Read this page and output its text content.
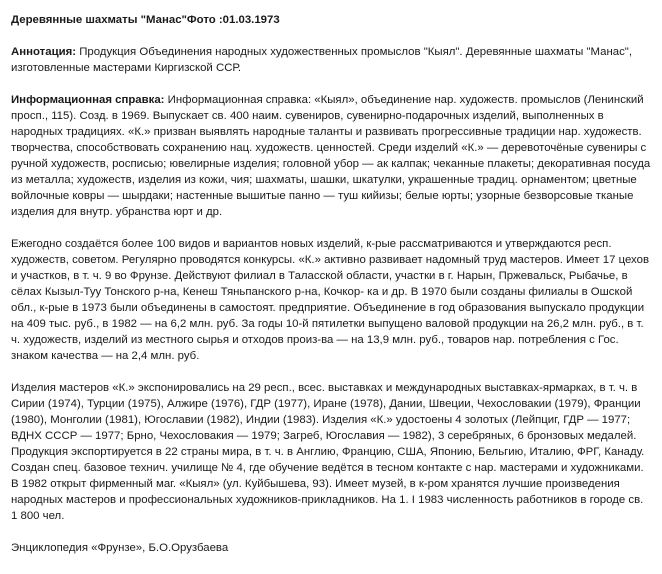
Деревянные шахматы "Манас"Фото :01.03.1973
Аннотация: Продукция Объединения народных художественных промыслов "Кыял". Деревянные шахматы "Манас", изготовленные мастерами Киргизской ССР.
Информационная справка: Информационная справка: «Кыял», объединение нар. художеств. промыслов (Ленинский просп., 115). Созд. в 1969. Выпускает св. 400 наим. сувениров, сувенирно-подарочных изделий, выполненных в народных традициях. «К.» призван выявлять народные таланты и развивать прогрессивные традиции нар. художеств. творчества, способствовать сохранению нац. художеств. ценностей. Среди изделий «К.» — деревоточёные сувениры с ручной художеств, росписью; ювелирные изделия; головной убор — ак калпак; чеканные плакеты; декоративная посуда из металла; художеств, изделия из кожи, чия; шахматы, шашки, шкатулки, украшенные традиц. орнаментом; цветные войлочные ковры — шырдаки; настенные вышитые панно — туш кийизы; белые юрты; узорные безворсовые тканые изделия для внутр. убранства юрт и др.
Ежегодно создаётся более 100 видов и вариантов новых изделий, к-рые рассматриваются и утверждаются респ. художеств, советом. Регулярно проводятся конкурсы. «К.» активно развивает надомный труд мастеров. Имеет 17 цехов и участков, в т. ч. 9 во Фрунзе. Действуют филиал в Таласской области, участки в г. Нарын, Пржевальск, Рыбачье, в сёлах Кызыл-Туу Тонского р-на, Кенеш Тяньпанского р-на, Кочкор- ка и др. В 1970 были созданы филиалы в Ошской обл., к-рые в 1973 были объединены в самостоят. предприятие. Объединение в год образования выпускало продукции на 409 тыс. руб., в 1982 — на 6,2 млн. руб. За годы 10-й пятилетки выпущено валовой продукции на 26,2 млн. руб., в т. ч. художеств, изделий из местного сырья и отходов произ-ва — на 13,9 млн. руб., товаров нар. потребления с Гос. знаком качества — на 2,4 млн. руб.
Изделия мастеров «К.» экспонировались на 29 респ., всес. выставках и международных выставках-ярмарках, в т. ч. в Сирии (1974), Турции (1975), Алжире (1976), ГДР (1977), Иране (1978), Дании, Швеции, Чехословакии (1979), Франции (1980), Монголии (1981), Югославии (1982), Индии (1983). Изделия «К.» удостоены 4 золотых (Лейпциг, ГДР — 1977; ВДНХ СССР — 1977; Брно, Чехословакия — 1979; Загреб, Югославия — 1982), 3 серебряных, 6 бронзовых медалей. Продукция экспортируется в 22 страны мира, в т. ч. в Англию, Францию, США, Японию, Бельгию, Италию, ФРГ, Канаду. Создан спец. базовое технич. училище № 4, где обучение ведётся в тесном контакте с нар. мастерами и художниками. В 1982 открыт фирменный маг. «Кыял» (ул. Куйбышева, 93). Имеет музей, в к-ром хранятся лучшие произведения народных мастеров и профессиональных художников-прикладников. На 1. I 1983 численность работников в городе св. 1 800 чел.
Энциклопедия «Фрунзе», Б.О.Орузбаева
